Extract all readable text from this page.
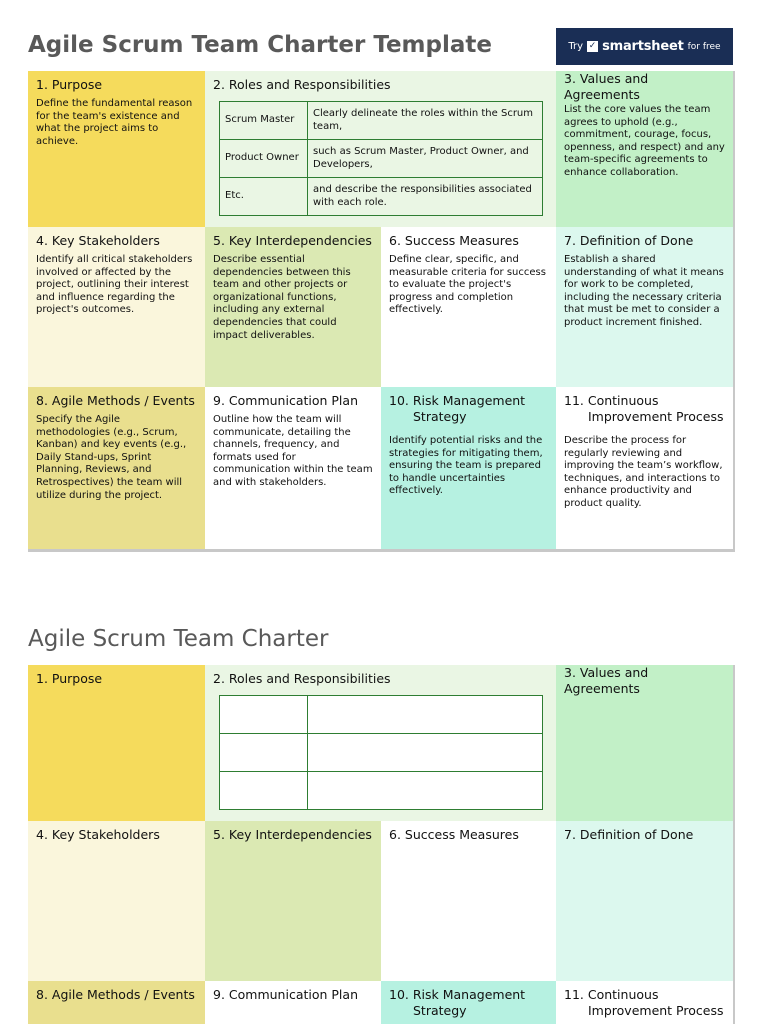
Agile Scrum Team Charter Template	Try ✓ smartsheet for free
1. Purpose

Define the fundamental reason for the team's existence and what the project aims to achieve.

2. Roles and Responsibilities
Scrum Master	Clearly delineate the roles within the Scrum team,
Product Owner	such as Scrum Master, Product Owner, and Developers,
Etc.	and describe the responsibilities associated with each role.
3. Values and Agreements

List the core values the team agrees to uphold (e.g., commitment, courage, focus, openness, and respect) and any team-specific agreements to enhance collaboration.

4. Key Stakeholders

Identify all critical stakeholders involved or affected by the project, outlining their interest and influence regarding the project's outcomes.

5. Key Interdependencies

Describe essential dependencies between this team and other projects or organizational functions, including any external dependencies that could impact deliverables.

6. Success Measures

Define clear, specific, and measurable criteria for success to evaluate the project's progress and completion effectively.

7. Definition of Done

Establish a shared understanding of what it means for work to be completed, including the necessary criteria that must be met to consider a product increment finished.

8. Agile Methods / Events

Specify the Agile methodologies (e.g., Scrum, Kanban) and key events (e.g., Daily Stand-ups, Sprint Planning, Reviews, and Retrospectives) the team will utilize during the project.

9. Communication Plan

Outline how the team will communicate, detailing the channels, frequency, and formats used for communication within the team and with stakeholders.

10. Risk Management
Strategy

Identify potential risks and the strategies for mitigating them, ensuring the team is prepared to handle uncertainties effectively.

11. Continuous
Improvement Process

Describe the process for regularly reviewing and improving the team’s workflow, techniques, and interactions to enhance productivity and product quality.

Agile Scrum Team Charter
1. Purpose	2. Roles and Responsibilities

		3. Values and Agreements
4. Key Stakeholders	5. Key Interdependencies 6. Success Measures	7. Definition of Done
8. Agile Methods / Events 9. Communication Plan	10. Risk Management
Strategy
11. Continuous
Improvement Process
